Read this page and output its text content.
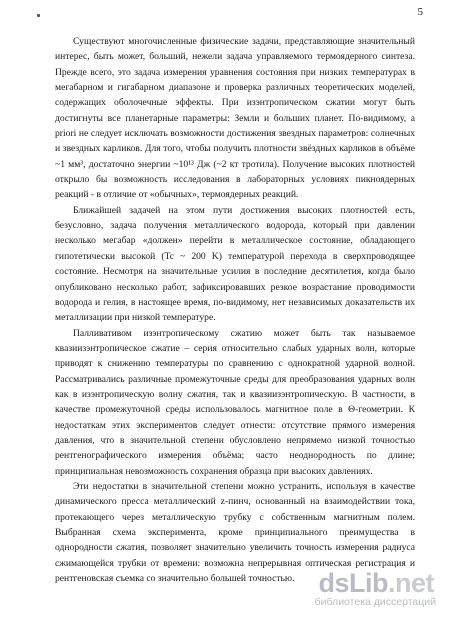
5

Существуют многочисленные физические задачи, представляющие значительный интерес, быть может, больший, нежели задача управляемого термоядерного синтеза. Прежде всего, это задача измерения уравнения состояния при низких температурах в мегабарном и гигабарном диапазоне и проверка различных теоретических моделей, содержащих оболочечные эффекты. При изэнтропическом сжатии могут быть достигнуты все планетарные параметры: Земли и больших планет. По-видимому, a priori не следует исключать возможности достижения звездных параметров: солнечных и звездных карликов. Для того, чтобы получить плотности звёздных карликов в объёме ~1 мм³, достаточно энергии ~10¹³ Дж (~2 кт тротила). Получение высоких плотностей открыло бы возможность исследования в лабораторных условиях пикноядерных реакций - в отличие от «обычных», термоядерных реакций.

Ближайшей задачей на этом пути достижения высоких плотностей есть, безусловно, задача получения металлического водорода, который при давлении несколько мегабар «должен» перейти в металлическое состояние, обладающего гипотетически высокой (Tc ~ 200 K) температурой перехода в сверхпроводящее состояние. Несмотря на значительные усилия в последние десятилетия, когда было опубликовано несколько работ, зафиксировавших резкое возрастание проводимости водорода и гелия, в настоящее время, по-видимому, нет независимых доказательств их металлизации при низкой температуре.

Палливативом изэнтропическому сжатию может быть так называемое квазиизэнтропическое сжатие – серия относительно слабых ударных волн, которые приводят к снижению температуры по сравнению с однократной ударной волной. Рассматривались различные промежуточные среды для преобразования ударных волн как в изэнтропическую волну сжатия, так и квазиизэнтропическую. В частности, в качестве промежуточной среды использовалось магнитное поле в Θ-геометрии. К недостаткам этих экспериментов следует отнести: отсутствие прямого измерения давления, что в значительной степени обусловлено непрямемо низкой точностью рентгенографического измерения объёма; часто неоднородность по длине; принципиальная невозможность сохранения образца при высоких давлениях.

Эти недостатки в значительной степени можно устранить, используя в качестве динамического пресса металлический z-пинч, основанный на взаимодействии тока, протекающего через металлическую трубку с собственным магнитным полем. Выбранная схема эксперимента, кроме принципиального преимущества в однородности сжатия, позволяет значительно увеличить точность измерения радиуса сжимающейся трубки от времени: возможна непрерывная оптическая регистрация и рентгеновская съемка со значительно большей точностью. dsLib.net
библиотека диссертаций
